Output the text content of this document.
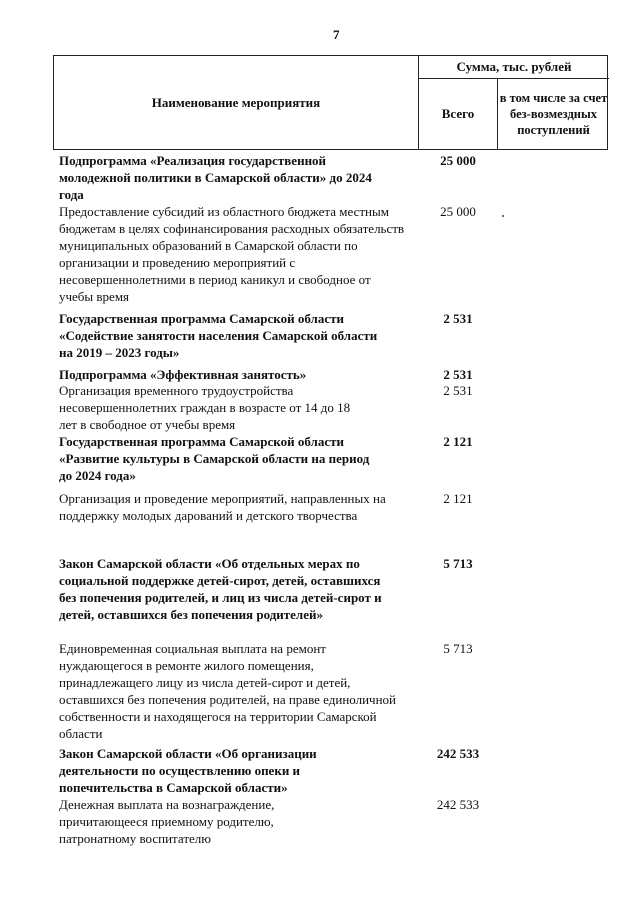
7
Наименование мероприятия
Сумма, тыс. рублей
Всего
в том числе за счет без-возмездных поступлений
Подпрограмма «Реализация государственной молодежной политики в Самарской области» до 2024 года
25 000
Предоставление субсидий из областного бюджета местным бюджетам в целях софинансирования расходных обязательств муниципальных образований в Самарской области по организации и проведению мероприятий с несовершеннолетними в период каникул и свободное от учебы время
25 000
Государственная программа Самарской области «Содействие занятости населения Самарской области на 2019 – 2023 годы»
2 531
Подпрограмма «Эффективная занятость»	2 531
Организация временного трудоустройства несовершеннолетних граждан в возрасте от 14 до 18 лет в свободное от учебы время
2 531
Государственная программа Самарской области «Развитие культуры в Самарской области на период до 2024 года»
2 121
Организация и проведение мероприятий, направленных на поддержку молодых дарований и детского творчества
2 121
Закон Самарской области «Об отдельных мерах по социальной поддержке детей-сирот, детей, оставшихся без попечения родителей, и лиц из числа детей-сирот и детей, оставшихся без попечения родителей»
5 713
Единовременная социальная выплата на ремонт нуждающегося в ремонте жилого помещения, принадлежащего лицу из числа детей-сирот и детей, оставшихся без попечения родителей, на праве единоличной собственности и находящегося на территории Самарской области
5 713
Закон Самарской области «Об организации деятельности по осуществлению опеки и попечительства в Самарской области»
242 533
Денежная выплата на вознаграждение, причитающееся приемному родителю, патронатному воспитателю
242 533
